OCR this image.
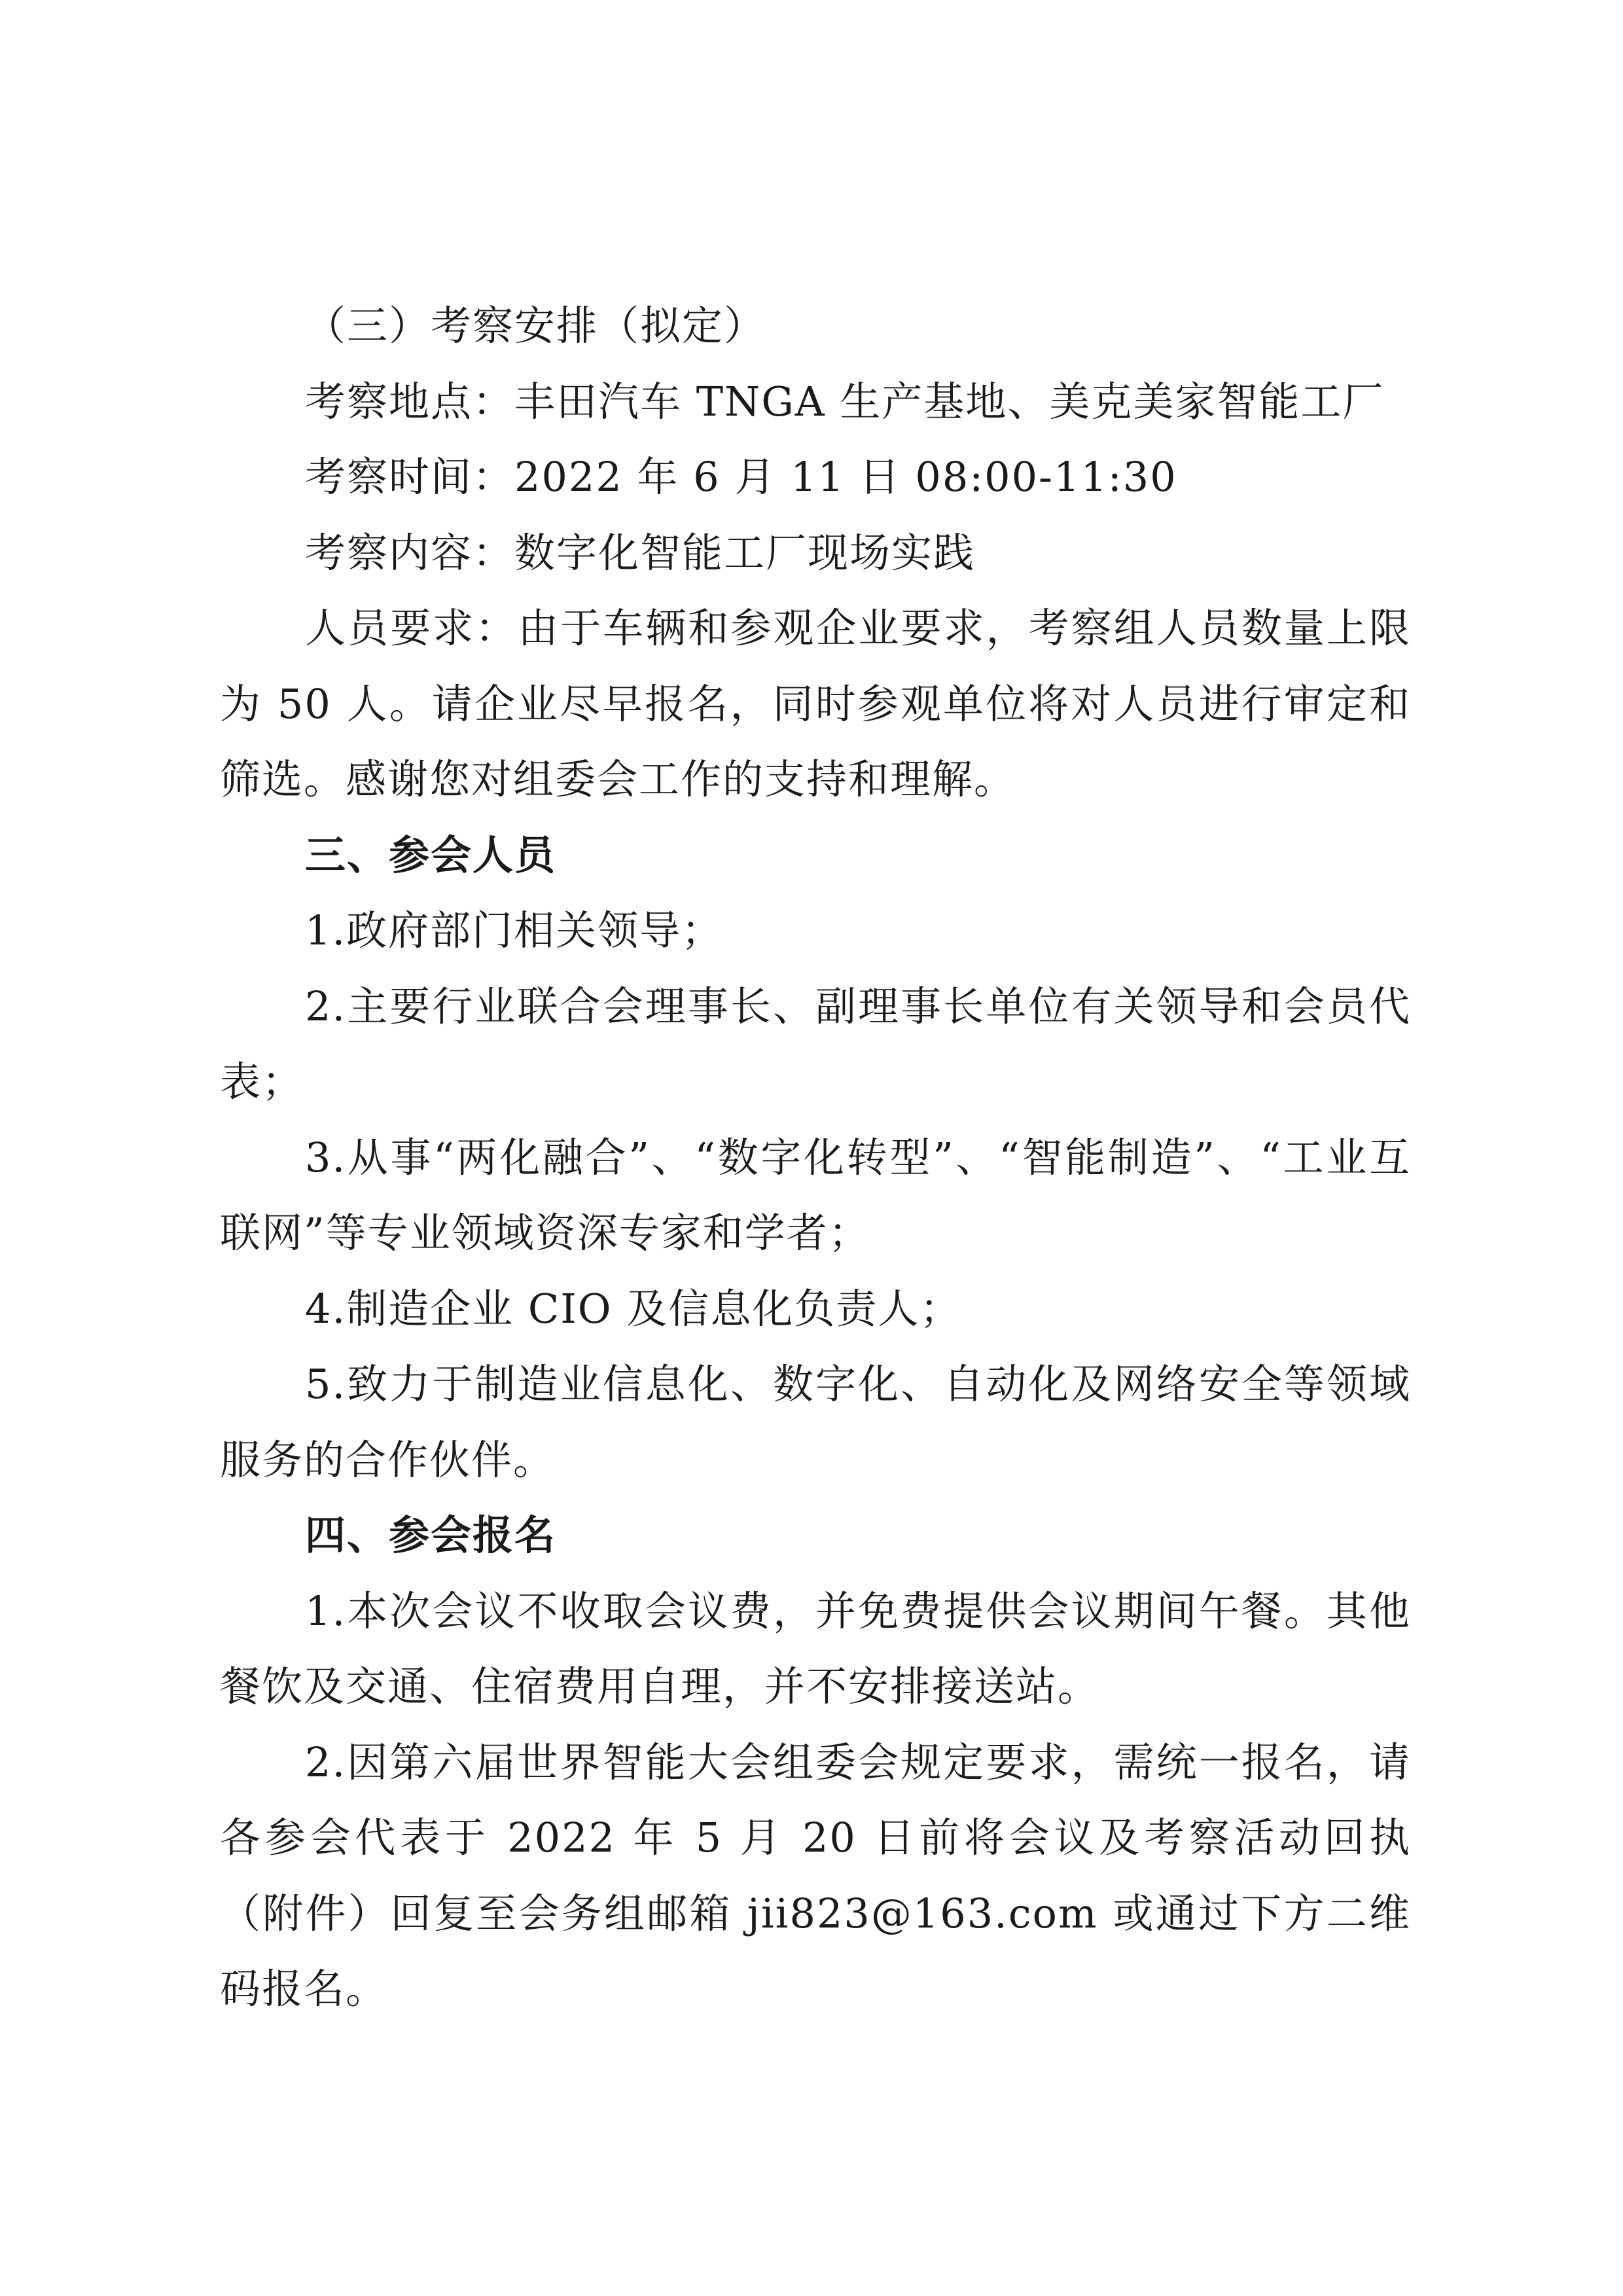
（三）考察安排（拟定）

考察地点：丰田汽车 TNGA 生产基地、美克美家智能工厂

考察时间：2022 年 6 月 11 日 08:00-11:30

考察内容：数字化智能工厂现场实践

人员要求：由于车辆和参观企业要求，考察组人员数量上限为 50 人。请企业尽早报名，同时参观单位将对人员进行审定和筛选。感谢您对组委会工作的支持和理解。

三、参会人员

1.政府部门相关领导；

2.主要行业联合会理事长、副理事长单位有关领导和会员代表；

3.从事“两化融合”、“数字化转型”、“智能制造”、“工业互联网”等专业领域资深专家和学者；

4.制造企业 CIO 及信息化负责人；

5.致力于制造业信息化、数字化、自动化及网络安全等领域服务的合作伙伴。

四、参会报名

1.本次会议不收取会议费，并免费提供会议期间午餐。其他餐饮及交通、住宿费用自理，并不安排接送站。

2.因第六届世界智能大会组委会规定要求，需统一报名，请各参会代表于 2022 年 5 月 20 日前将会议及考察活动回执（附件）回复至会务组邮箱 jii823@163.com 或通过下方二维码报名。
